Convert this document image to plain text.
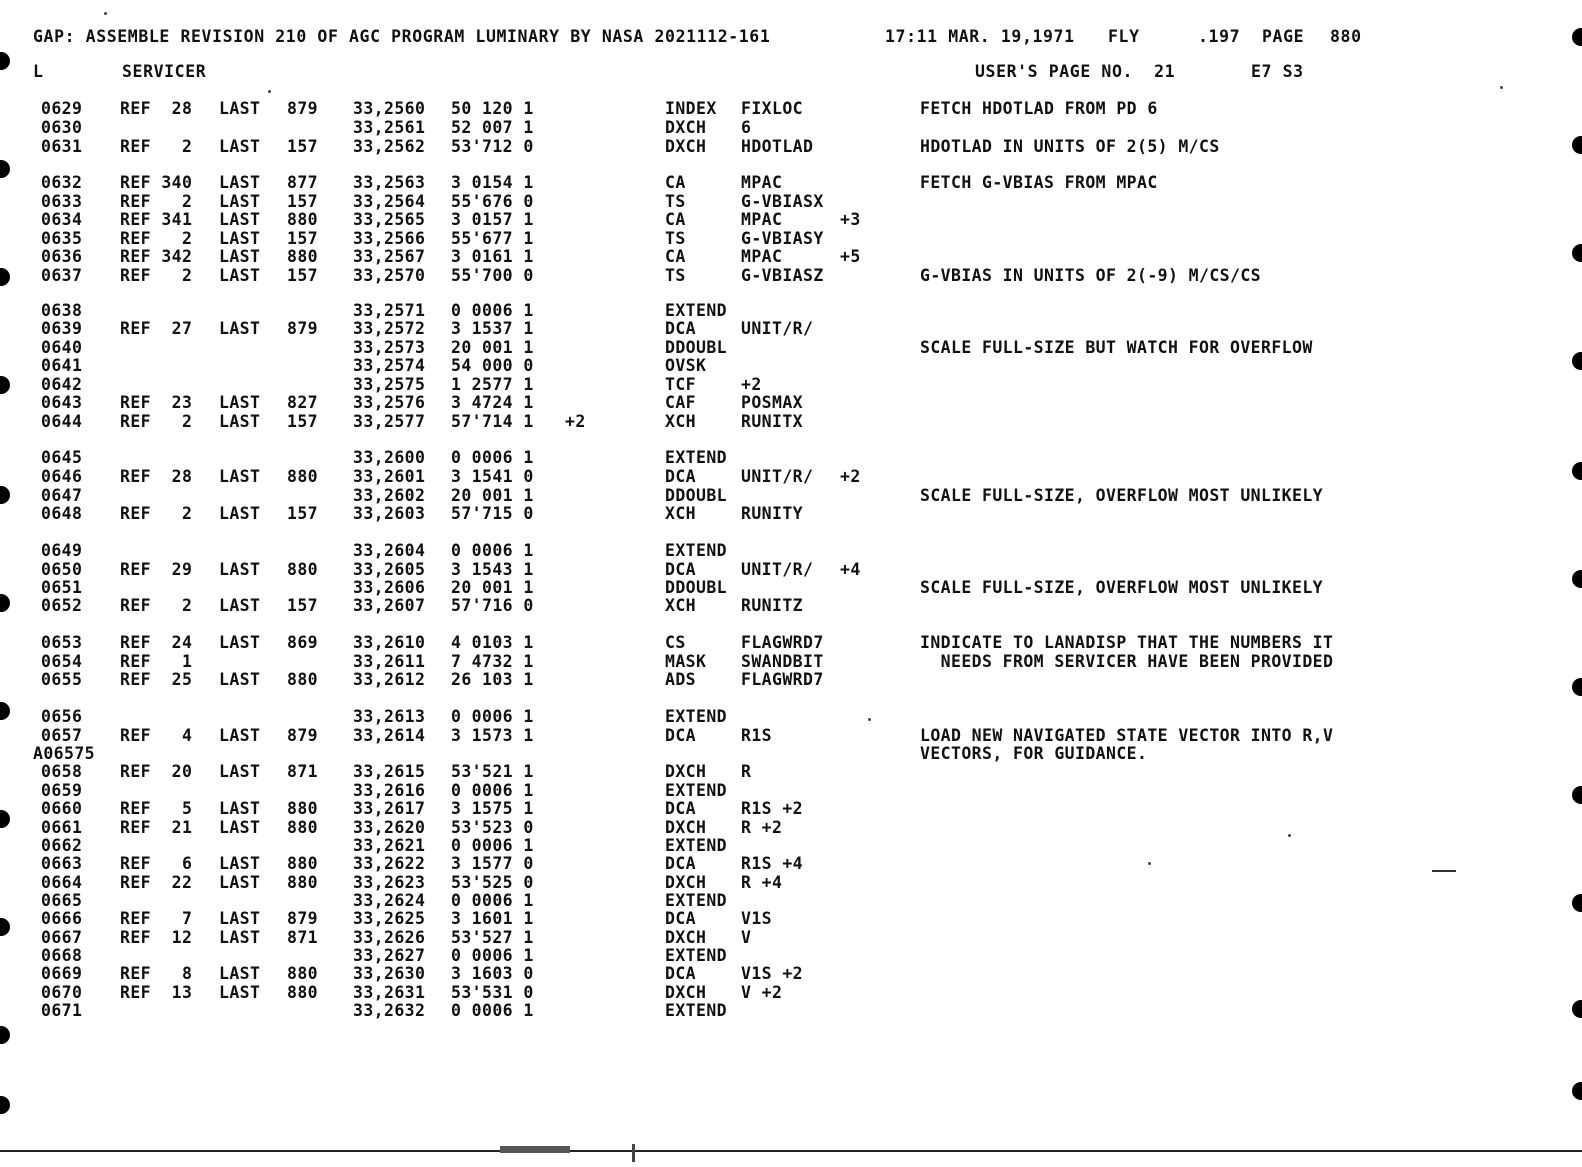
GAP: ASSEMBLE REVISION 210 OF AGC PROGRAM LUMINARY BY NASA 2021112-161	17:11 MAR. 19,1971 FLY	.197 PAGE 880
L	SERVICER	USER'S PAGE NO.  21	E7 S3
0629 REF  28 LAST 879 33,2560 50 120 1	INDEX FIXLOC	FETCH HDOTLAD FROM PD 6
0630	33,2561 52 007 1	DXCH 6
0631 REF   2 LAST 157 33,2562 53'712 0	DXCH HDOTLAD	HDOTLAD IN UNITS OF 2(5) M/CS
0632 REF 340 LAST 877 33,2563 3 0154 1	CA	MPAC	FETCH G-VBIAS FROM MPAC
0633 REF   2 LAST 157 33,2564 55'676 0	TS	G-VBIASX
0634 REF 341 LAST 880 33,2565 3 0157 1	CA	MPAC	+3
0635 REF   2 LAST 157 33,2566 55'677 1	TS	G-VBIASY
0636 REF 342 LAST 880 33,2567 3 0161 1	CA	MPAC	+5
0637 REF   2 LAST 157 33,2570 55'700 0	TS	G-VBIASZ	G-VBIAS IN UNITS OF 2(-9) M/CS/CS
0638	33,2571 0 0006 1	EXTEND
0639 REF  27 LAST 879 33,2572 3 1537 1	DCA	UNIT/R/
0640	33,2573 20 001 1	DDOUBL	SCALE FULL-SIZE BUT WATCH FOR OVERFLOW
0641	33,2574 54 000 0	OVSK
0642	33,2575 1 2577 1	TCF	+2
0643 REF  23 LAST 827 33,2576 3 4724 1	CAF	POSMAX
0644 REF   2 LAST 157 33,2577 57'714 1 +2	XCH	RUNITX
0645	33,2600 0 0006 1	EXTEND
0646 REF  28 LAST 880 33,2601 3 1541 0	DCA	UNIT/R/ +2
0647	33,2602 20 001 1	DDOUBL	SCALE FULL-SIZE, OVERFLOW MOST UNLIKELY
0648 REF   2 LAST 157 33,2603 57'715 0	XCH	RUNITY
0649	33,2604 0 0006 1	EXTEND
0650 REF  29 LAST 880 33,2605 3 1543 1	DCA	UNIT/R/ +4
0651	33,2606 20 001 1	DDOUBL	SCALE FULL-SIZE, OVERFLOW MOST UNLIKELY
0652 REF   2 LAST 157 33,2607 57'716 0	XCH	RUNITZ
0653 REF  24 LAST 869 33,2610 4 0103 1	CS	FLAGWRD7	INDICATE TO LANADISP THAT THE NUMBERS IT
0654 REF   1	33,2611 7 4732 1	MASK SWANDBIT	NEEDS FROM SERVICER HAVE BEEN PROVIDED
0655 REF  25 LAST 880 33,2612 26 103 1	ADS	FLAGWRD7
0656	33,2613 0 0006 1	EXTEND
0657 REF   4 LAST 879 33,2614 3 1573 1	DCA	R1S	LOAD NEW NAVIGATED STATE VECTOR INTO R,V
A06575	VECTORS, FOR GUIDANCE.
0658 REF  20 LAST 871 33,2615 53'521 1	DXCH R
0659	33,2616 0 0006 1	EXTEND
0660 REF   5 LAST 880 33,2617 3 1575 1	DCA	R1S +2
0661 REF  21 LAST 880 33,2620 53'523 0	DXCH R +2
0662	33,2621 0 0006 1	EXTEND
0663 REF   6 LAST 880 33,2622 3 1577 0	DCA	R1S +4
0664 REF  22 LAST 880 33,2623 53'525 0	DXCH R +4
0665	33,2624 0 0006 1	EXTEND
0666 REF   7 LAST 879 33,2625 3 1601 1	DCA	V1S
0667 REF  12 LAST 871 33,2626 53'527 1	DXCH V
0668	33,2627 0 0006 1	EXTEND
0669 REF   8 LAST 880 33,2630 3 1603 0	DCA	V1S +2
0670 REF  13 LAST 880 33,2631 53'531 0	DXCH V +2
0671	33,2632 0 0006 1	EXTEND
